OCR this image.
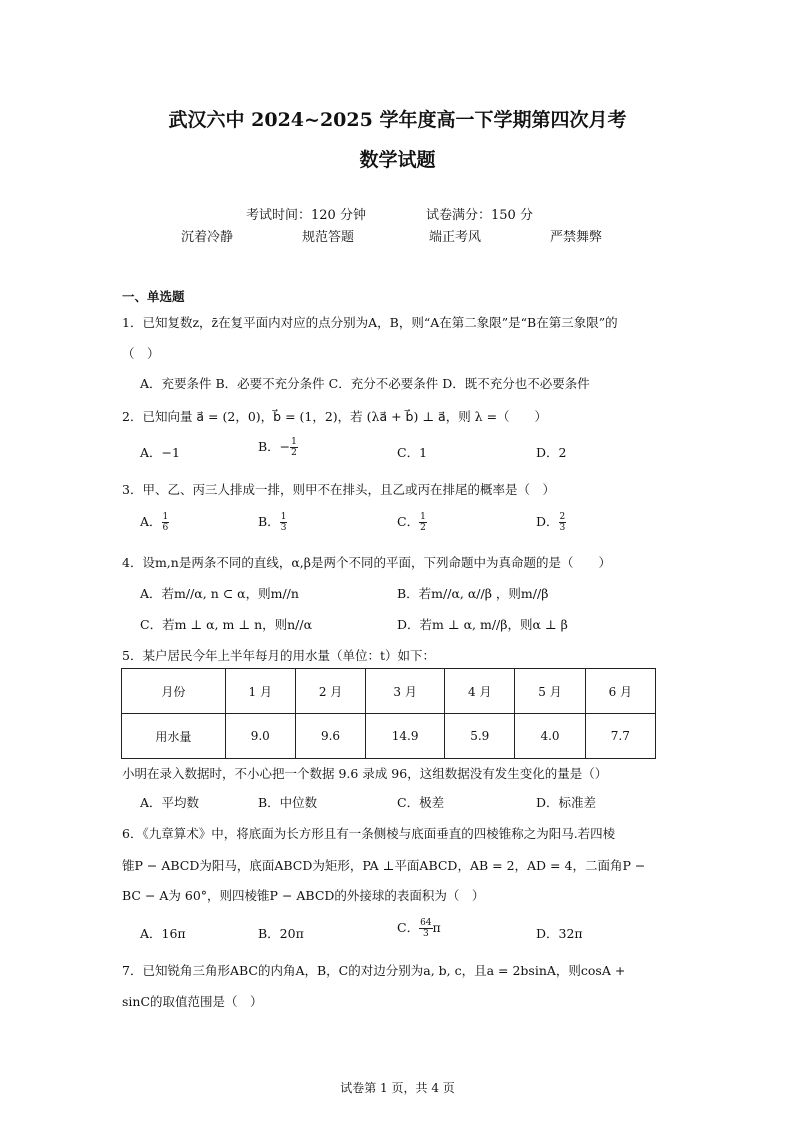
武汉六中 2024~2025 学年度高一下学期第四次月考
数学试题
考试时间：120 分钟	试卷满分：150 分
沉着冷静	规范答题	端正考风	严禁舞弊
一、单选题
1．已知复数z，z̄在复平面内对应的点分别为A，B，则“A在第二象限”是“B在第三象限”的
（　）
A．充要条件 B．必要不充分条件 C．充分不必要条件 D．既不充分也不必要条件
2．已知向量 a⃗ = (2，0)，b⃗ = (1，2)，若 (λa⃗ + b⃗) ⊥ a⃗，则 λ =（　　）
A．−1	B．− $\frac{1}{2}$	C．1	D．2
3．甲、乙、丙三人排成一排，则甲不在排头，且乙或丙在排尾的概率是（　）
A． $\frac{1}{6}$	B． $\frac{1}{3}$	C． $\frac{1}{2}$	D． $\frac{2}{3}$
4．设m,n是两条不同的直线，α,β是两个不同的平面，下列命题中为真命题的是（　　）
A．若m//α, n ⊂ α，则m//n	B．若m//α, α//β ，则m//β
C．若m ⊥ α, m ⊥ n，则n//α	D．若m ⊥ α, m//β，则α ⊥ β
5．某户居民今年上半年每月的用水量（单位：t）如下：
月份	1 月	2 月	3 月	4 月	5 月	6 月
用水量	9.0	9.6	14.9	5.9	4.0	7.7
小明在录入数据时，不小心把一个数据 9.6 录成 96，这组数据没有发生变化的量是（）
A．平均数	B．中位数	C．极差	D．标准差
6．《九章算术》中，将底面为长方形且有一条侧棱与底面垂直的四棱锥称之为阳马.若四棱
锥P − ABCD为阳马，底面ABCD为矩形，PA ⊥平面ABCD，AB = 2，AD = 4，二面角P −
BC − A为 60°，则四棱锥P − ABCD的外接球的表面积为（　）
A．16π	B．20π	C． $\frac{64}{3}$ π	D．32π
7．已知锐角三角形ABC的内角A，B，C的对边分别为a, b, c，且a = 2bsinA，则cosA +
sinC的取值范围是（　）
试卷第 1 页，共 4 页
